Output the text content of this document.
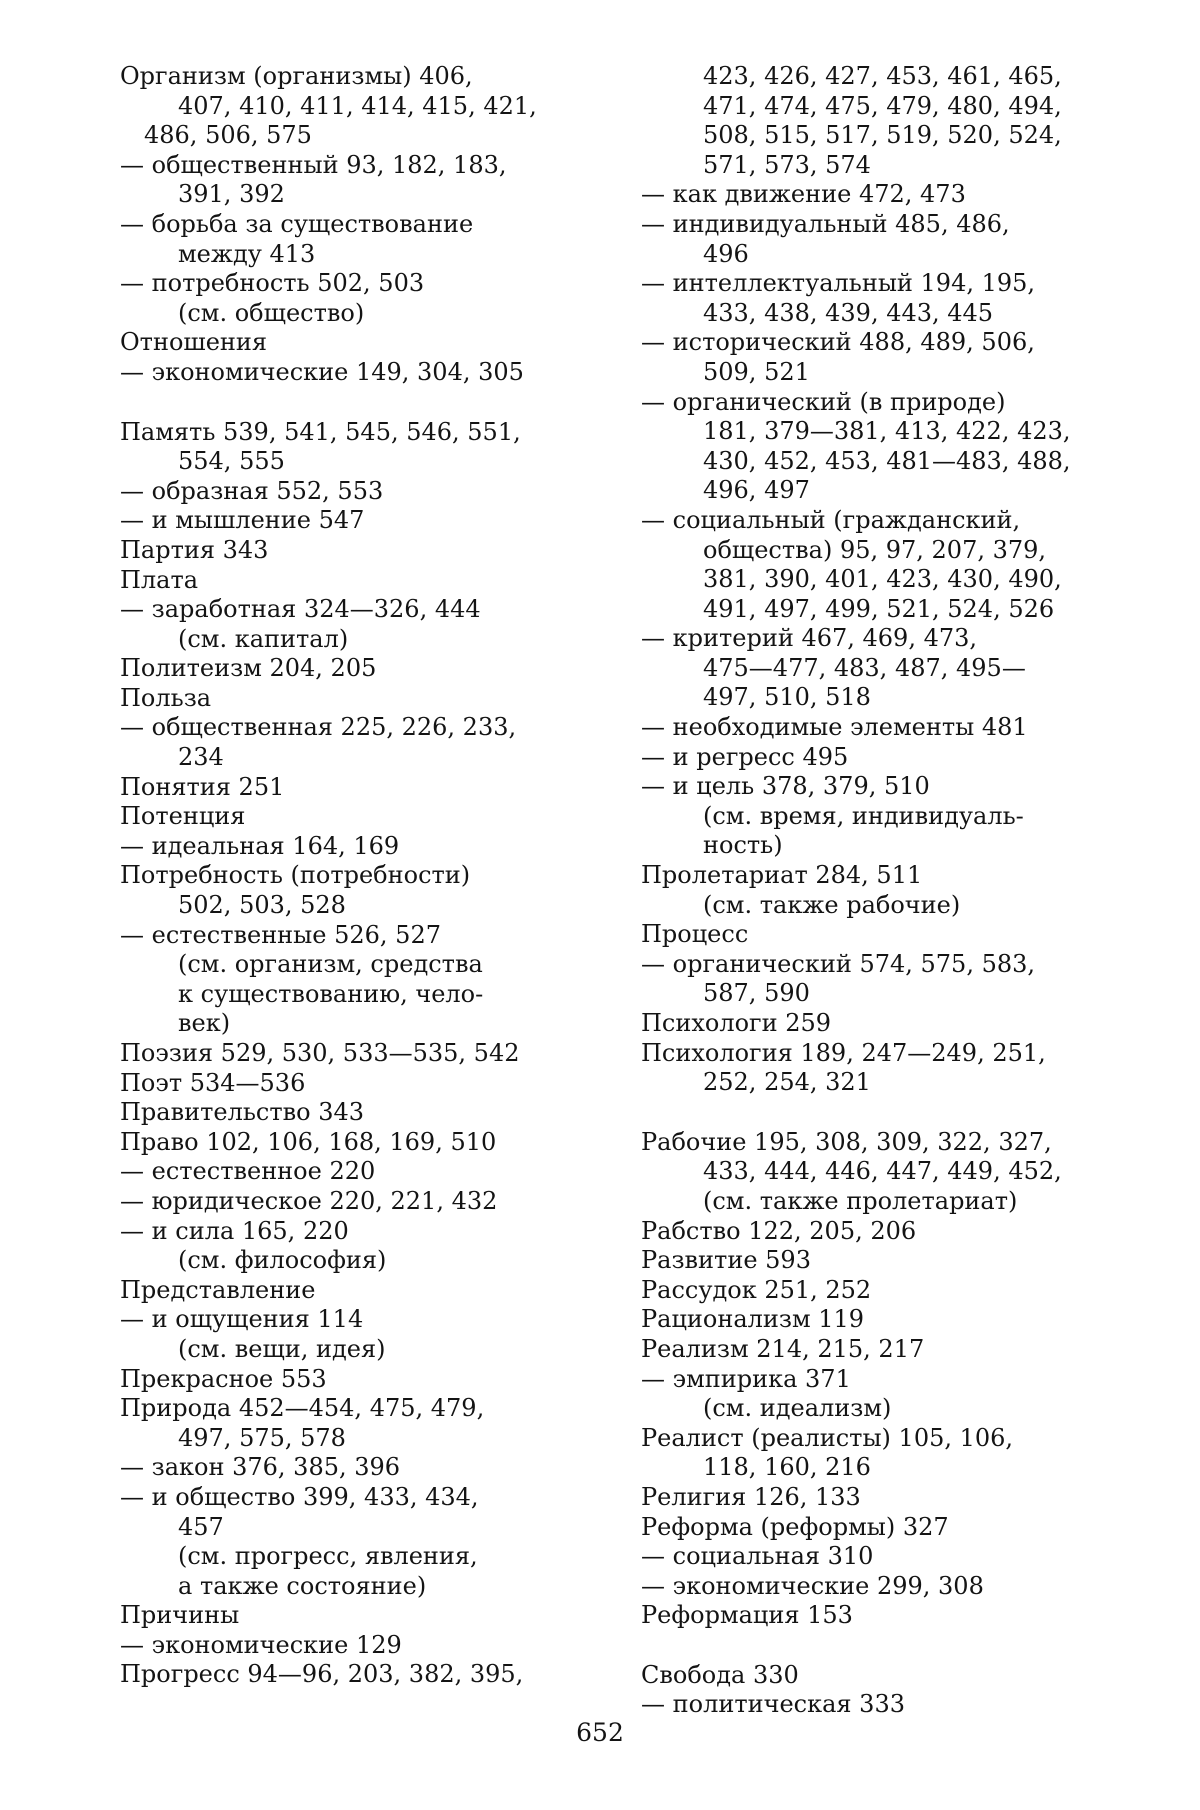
Организм (организмы) 406,
407, 410, 411, 414, 415, 421,
486, 506, 575
— общественный 93, 182, 183,
391, 392
— борьба за существование
между 413
— потребность 502, 503
(см. общество)
Отношения
— экономические 149, 304, 305
Память 539, 541, 545, 546, 551,
554, 555
— образная 552, 553
— и мышление 547
Партия 343
Плата
— заработная 324—326, 444
(см. капитал)
Политеизм 204, 205
Польза
— общественная 225, 226, 233,
234
Понятия 251
Потенция
— идеальная 164, 169
Потребность (потребности)
502, 503, 528
— естественные 526, 527
(см. организм, средства
к существованию, чело-
век)
Поэзия 529, 530, 533—535, 542
Поэт 534—536
Правительство 343
Право 102, 106, 168, 169, 510
— естественное 220
— юридическое 220, 221, 432
— и сила 165, 220
(см. философия)
Представление
— и ощущения 114
(см. вещи, идея)
Прекрасное 553
Природа 452—454, 475, 479,
497, 575, 578
— закон 376, 385, 396
— и общество 399, 433, 434,
457
(см. прогресс, явления,
а также состояние)
Причины
— экономические 129
Прогресс 94—96, 203, 382, 395,
423, 426, 427, 453, 461, 465,
471, 474, 475, 479, 480, 494,
508, 515, 517, 519, 520, 524,
571, 573, 574
— как движение 472, 473
— индивидуальный 485, 486,
496
— интеллектуальный 194, 195,
433, 438, 439, 443, 445
— исторический 488, 489, 506,
509, 521
— органический (в природе)
181, 379—381, 413, 422, 423,
430, 452, 453, 481—483, 488,
496, 497
— социальный (гражданский,
общества) 95, 97, 207, 379,
381, 390, 401, 423, 430, 490,
491, 497, 499, 521, 524, 526
— критерий 467, 469, 473,
475—477, 483, 487, 495—
497, 510, 518
— необходимые элементы 481
— и регресс 495
— и цель 378, 379, 510
(см. время, индивидуаль-
ность)
Пролетариат 284, 511
(см. также рабочие)
Процесс
— органический 574, 575, 583,
587, 590
Психологи 259
Психология 189, 247—249, 251,
252, 254, 321
Рабочие 195, 308, 309, 322, 327,
433, 444, 446, 447, 449, 452,
(см. также пролетариат)
Рабство 122, 205, 206
Развитие 593
Рассудок 251, 252
Рационализм 119
Реализм 214, 215, 217
— эмпирика 371
(см. идеализм)
Реалист (реалисты) 105, 106,
118, 160, 216
Религия 126, 133
Реформа (реформы) 327
— социальная 310
— экономические 299, 308
Реформация 153
Свобода 330
— политическая 333
652
